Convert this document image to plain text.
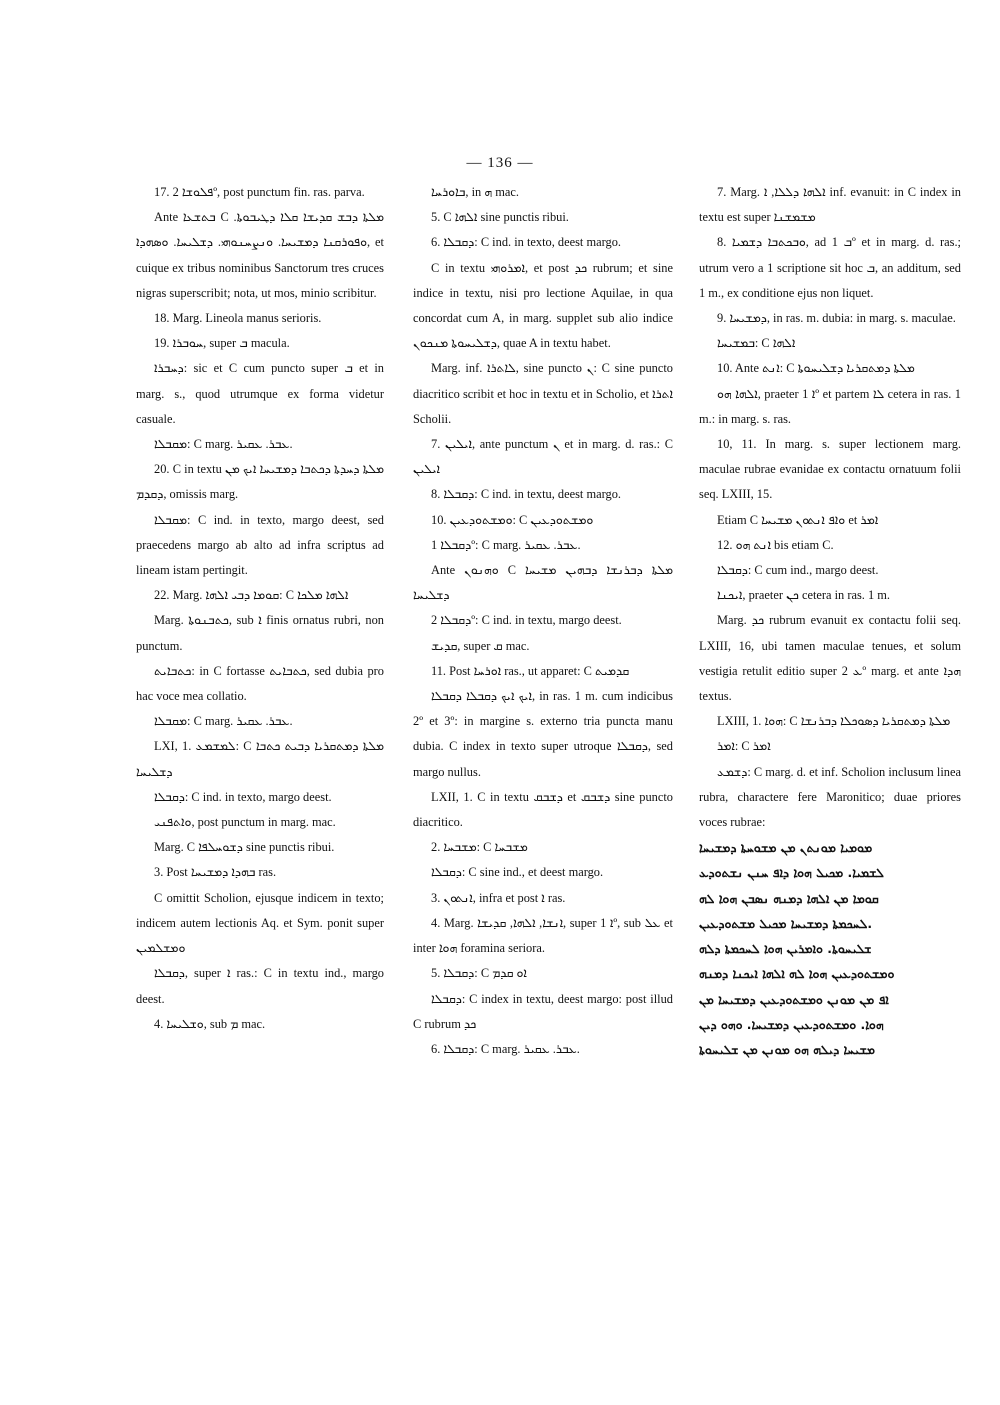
— 136 —

17. ܦܠܘܫܐ 2º, post punctum fin. ras. parva.

Ante ܒܬܫܥܐ C ܡܠܬܐ ܕܒܫ ܩܕܝܫܐ ܩܠܐ ܕܛܝܒܘܬܐ. ܘܦܘܪܩܢܐ ܕܡܫܝܚܐ. ܘܢܨܚܢܘܗܝ. ܕܫܠܝܚܐ. ܘܣܗܕܐ, et cuique ex tribus nominibus Sanctorum tres cruces nigras superscribit; nota, ut mos, minio scribitur.

18. Marg. Lineola manus serioris.

19. ܚܘܒܪܐ, super ܒ macula.

ܕܚܒܪܐ: sic et C cum puncto super ܒ et in marg. s., quod utrumque ex forma videtur casuale.

ܡܩܒܠܐ: C marg. ܥܒܪ. ܥܩܝܪ.

20. C in textu ܡܠܬܐ ܕܚܕܬܐ ܕܟܬܒܐ ܕܡܫܝܚܐ ܐܝܟ ܡܢ ܕܩܕܡ, omissis marg.

ܡܩܒܠܐ: C ind. in texto, margo deest, sed praecedens margo ab alto ad infra scriptus ad lineam istam pertingit.

22. Marg. ܩܘܡܐ ܕܒܝ ܐܠܗܐ: C ܐܠܗܐ ܡܠܟܐ

Marg. ܟܬܒܢܘܬܐ, sub ܐ finis ornatus rubri, non punctum.

ܟܬܒܐܝܬ: in C fortasse ܟܬܒܐܝܬ, sed dubia pro hac voce mea collatio.

ܡܩܒܠܐ: C marg. ܥܒܪ. ܥܩܝܪ.

LXI, 1. ܠܡܫܡܥ: C ܡܠܬܐ ܕܡܬܩܪܝܐ ܕܒܝܬ ܟܬܒܐ ܕܫܠܝܚܐ

ܕܩܒܠܐ: C ind. in texto, margo deest.

ܘܐܬܦܢܝ, post punctum in marg. mac.

Marg. C ܕܫܘܚܠܦܐ sine punctis ribui.

3. Post ܒܗܕܐ ܕܡܫܝܚܐ ras.

C omittit Scholion, ejusque indicem in texto; indicem autem lectionis Aq. et Sym. ponit super ܘܡܫܠܡܝܢ

ܕܩܒܠܐ, super ܐ ras.: C in textu ind., margo deest.

4. ܘܫܠܝܚܐ, sub ܡ mac.

ܒܐܘܪܚܐ, in ܗ mac.

5. C ܐܠܗܐ sine punctis ribui.

6. ܕܩܒܠܐ: C ind. in texto, deest margo.

C in textu ܐܡܪܘܗܝ, et post ܟܕ rubrum; et sine indice in textu, nisi pro lectione Aquilae, in qua concordat cum A, in marg. supplet sub alio indice ܕܫܠܝܚܘܬܐ ܡܢܟܘܢ, quae A in textu habet.

Marg. inf. ܠܐܬܪܐ, sine puncto ܢ: C sine puncto diacritico scribit et hoc in textu et in Scholio, et ܐܬܪܐ Scholii.

7. ܐܝܠܝܢ, ante punctum ܢ et in marg. d. ras.: C ܐܝܠܝܢ

8. ܕܩܒܠܐ: C ind. in textu, deest margo.

10. ܘܡܫܬܘܕܥܝܢ: C ܘܡܫܬܘܕܥܝܢ

ܕܩܒܠܐ 1º: C marg. ܥܒܪ. ܥܩܝܪ.

Ante ܘܗܢܘܢ C ܡܠܬܐ ܕܒܪܢܫܐ ܕܒܗܝܢ ܡܫܝܚܐ ܕܫܠܝܚܐ

ܕܩܒܠܐ 2º: C ind. in textu, margo deest.

ܩܕܝܫ, super ܩ mac.

11. Post ܐܘܪܚܐ ras., ut apparet: C ܩܕܡܝܬ

ܐܝܟ ܐܝܟ ܕܩܒܠܐ ܕܩܒܠܐ, in ras. 1 m. cum indicibus 2º et 3º: in margine s. externo tria puncta manu dubia. C index in texto super utroque ܕܩܒܠܐ, sed margo nullus.

LXII, 1. C in textu ܕܫܒܩ et ܕܫܒܩ sine puncto diacritico.

2. ܡܫܒܚܐ: C ܡܫܒܚܐ

ܕܩܒܠܐ: C sine ind., et deest margo.

3. ܐܢܬܘܢ, infra et post ܐ ras.

4. Marg. ܐܢܫܐ, ܐܠܗܐ, ܩܕܝܫܐ, super ܐ 1º, sub ܥܠ et inter ܗܘܐ foramina seriora.

5. ܕܩܒܠܐ: C ܐܘ ܩܕܡ

ܕܩܒܠܐ: C index in textu, deest margo: post illud C rubrum ܟܕ

6. ܕܩܒܠܐ: C marg. ܥܒܪ. ܥܩܝܪ.

7. Marg. ܐܠܗܐ ܕܠܠܐ, ܐ inf. evanuit: in C index in textu est super ܡܫܡܫܢܐ

8. ܘܒܟܬܒܐ ܕܫܡܝܐ, ad ܒ 1º et in marg. d. ras.; utrum vero a 1 scriptione sit hoc ܒ, an additum, sed 1 m., ex conditione ejus non liquet.

9. ܕܡܫܝܚܐ, in ras. m. dubia: in marg. s. maculae.

ܒܡܫܝܚܐ: C ܐܠܗܐ

10. Ante ܐܢܬ: C ܡܠܬܐ ܕܡܬܩܪܝܐ ܕܫܠܝܚܘܬܐ

ܐܠܗܐ ܗܘ, praeter ܐ 1º et partem ܠܐ cetera in ras. 1 m.: in marg. s. ras.

10, 11. In marg. s. super lectionem marg. maculae rubrae evanidae ex contactu ornatuum folii seq. LXIII, 15.

Etiam C ܘܐܦ ܐܢܬܘܢ ܡܫܝܚܐ et ܐܡܪ

12. ܐܢܬ ܗܘ bis etiam C.

ܕܩܒܠܐ: C cum ind., margo deest.

ܐܝܟܢܐ, praeter ܟܢ cetera in ras. 1 m.

Marg. ܟܕ rubrum evanuit ex contactu folii seq. LXIII, 16, ubi tamen maculae tenues, et solum vestigia retulit editio super ܥ 2º marg. et ante ܗܕܐ textus.

LXIII, 1. ܗܘܐ: C ܡܠܬܐ ܕܡܬܩܪܝܐ ܕܣܘܟܠܐ ܕܒܪܢܫܐ

ܐܡܪ: C ܐܡܪ

ܕܫܡܥ: C marg. d. et inf. Scholion inclusum linea rubra, charactere fere Maronitico; duae priores voces rubrae:

ܡܘܡܝܐ ܡܘܢܬܢ ܡܢ ܡܫܘܚܬܐ ܕܡܫܝܚܐ

ܠܫܡܝܐ. ܡܟܝܠ ܗܘܐ ܕܐܦ ܚܢܢ ܢܫܬܘܕܥ

ܩܘܡܐ ܡܢ ܐܠܗܐ ܕܡܢܗ ܢܣܒܢ ܗܘܐ ܠܗ

ܠܚܟܡܬܐ ܕܡܫܝܚܐ ܡܟܝܠ ܡܫܬܘܕܥܝܢ.

ܫܠܝܚܘܬܐ. ܘܐܡܪܝܢ ܗܘܐ ܠܚܟܡܬܐ ܕܠܗ

ܘܡܫܬܘܕܥܝܢ ܗܘܐ ܠܗ ܐܠܗܐ ܐܝܟܢܐ ܕܡܢܗ

ܐܦ ܡܢ ܡܘܢܢ ܘܡܫܬܘܕܥܝܢ ܕܡܫܝܚܐ ܡܢ

ܗܘܐ. ܘܡܫܬܘܕܥܝܢ ܕܡܫܝܚܐ. ܘܗܘ ܕܝܢ

ܡܫܝܚܐ ܕܝܠܗ ܗܘ ܡܘܢܢ ܡܢ ܫܠܝܚܘܬܐ
